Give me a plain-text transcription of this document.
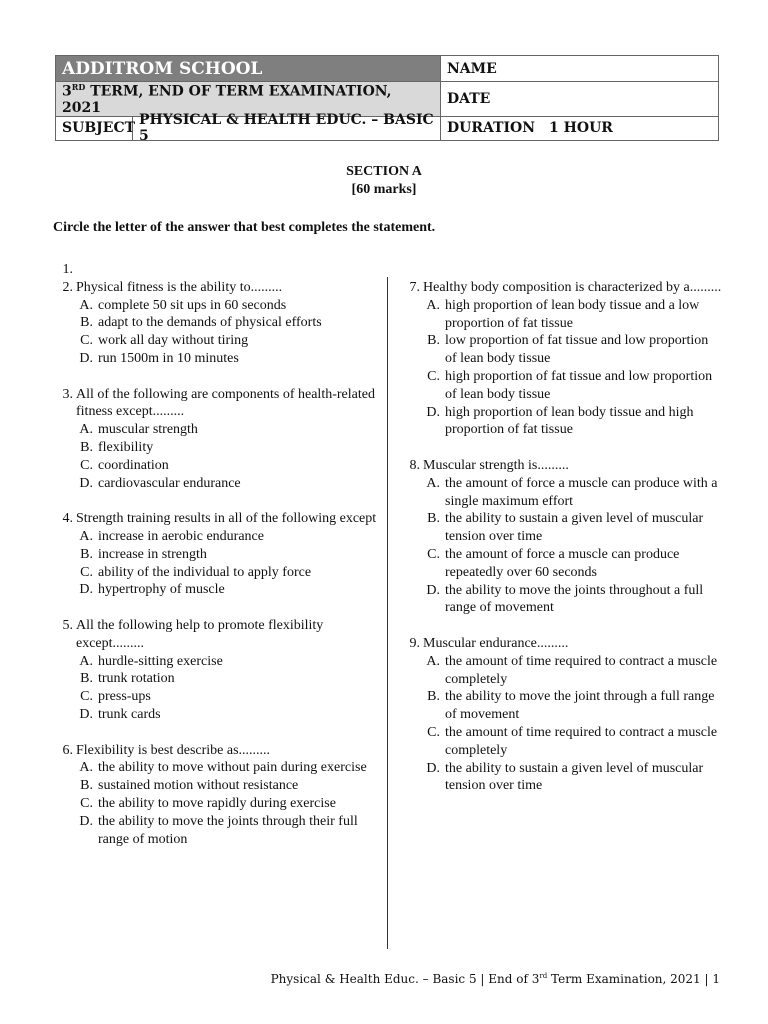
ADDITROM SCHOOL	NAME
3RD TERM, END OF TERM EXAMINATION, 2021	DATE

SUBJECT PHYSICAL & HEALTH EDUC. – BASIC 5	DURATION 1 HOUR
SECTION A
[60 marks]
Circle the letter of the answer that best completes the statement.
1.

2. Physical fitness is the ability to.........
A. complete 50 sit ups in 60 seconds
B. adapt to the demands of physical efforts
C. work all day without tiring
D. run 1500m in 10 minutes
3. All of the following are components of health-related fitness except.........
A. muscular strength
B. flexibility
C. coordination
D. cardiovascular endurance
4. Strength training results in all of the following except
A. increase in aerobic endurance
B. increase in strength
C. ability of the individual to apply force
D. hypertrophy of muscle
5. All the following help to promote flexibility except.........
A. hurdle-sitting exercise
B. trunk rotation
C. press-ups
D. trunk cards
6. Flexibility is best describe as.........
A. the ability to move without pain during exercise
B. sustained motion without resistance
C. the ability to move rapidly during exercise
D. the ability to move the joints through their full range of motion
7. Healthy body composition is characterized by a.........
A. high proportion of lean body tissue and a low proportion of fat tissue
B. low proportion of fat tissue and low proportion of lean body tissue
C. high proportion of fat tissue and low proportion of lean body tissue
D. high proportion of lean body tissue and high proportion of fat tissue
8. Muscular strength is.........
A. the amount of force a muscle can produce with a single maximum effort
B. the ability to sustain a given level of muscular tension over time
C. the amount of force a muscle can produce repeatedly over 60 seconds
D. the ability to move the joints throughout a full range of movement
9. Muscular endurance.........
A. the amount of time required to contract a muscle completely
B. the ability to move the joint through a full range of movement
C. the amount of time required to contract a muscle completely
D. the ability to sustain a given level of muscular tension over time
Physical & Health Educ. – Basic 5 | End of 3rd Term Examination, 2021 | 1
